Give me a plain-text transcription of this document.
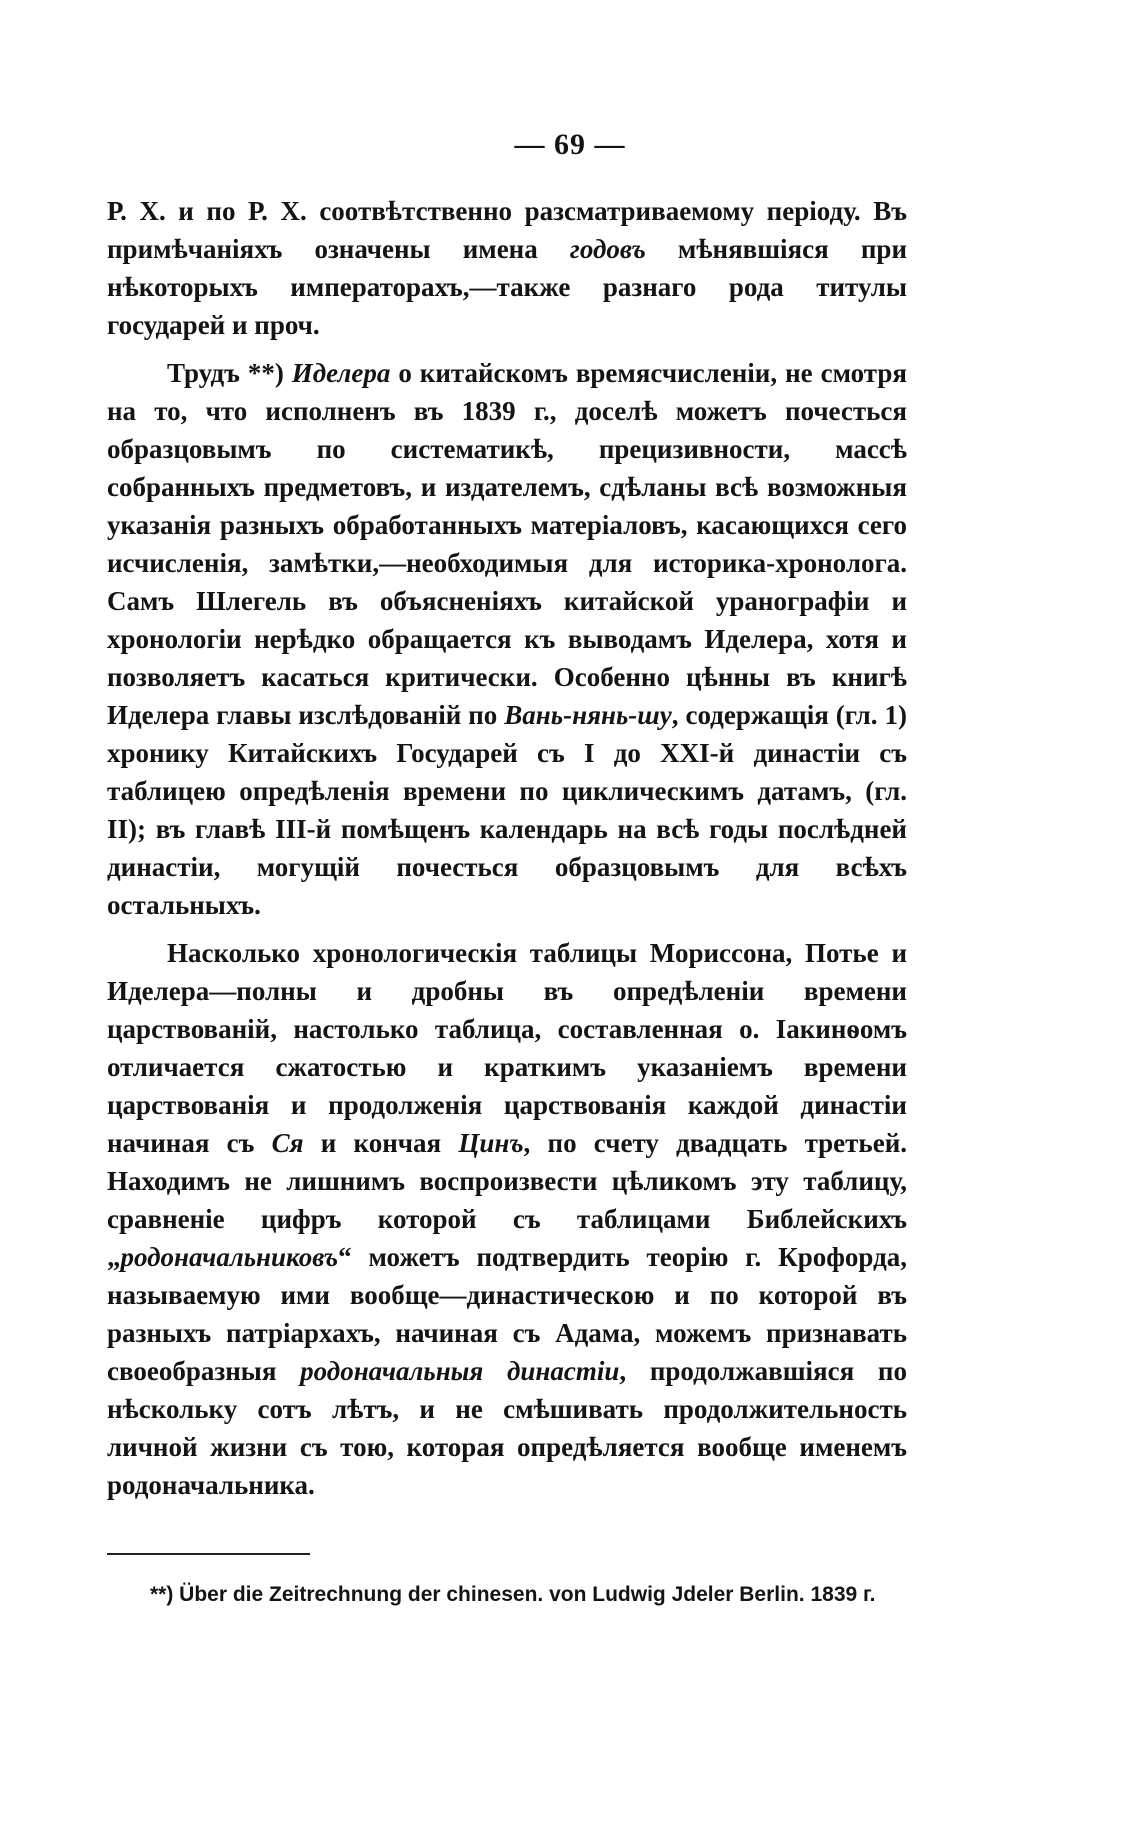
— 69 —

Р. Х. и по Р. Х. соотвѣтственно разсматриваемому періоду. Въ примѣчаніяхъ означены имена годовъ мѣнявшіяся при нѣкоторыхъ императорахъ,—также разнаго рода титулы государей и проч.

Трудъ **) Иделера о китайскомъ времясчисленіи, не смотря на то, что исполненъ въ 1839 г., доселѣ можетъ почесться образцовымъ по систематикѣ, прецизивности, массѣ собранныхъ предметовъ, и издателемъ, сдѣланы всѣ возможныя указанія разныхъ обработанныхъ матеріаловъ, касающихся сего исчисленія, замѣтки,—необходимыя для историка-хронолога. Самъ Шлегель въ объясненіяхъ китайской уранографіи и хронологіи нерѣдко обращается къ выводамъ Иделера, хотя и позволяетъ касаться критически. Особенно цѣнны въ книгѣ Иделера главы изслѣдованій по Вань-нянь-шу, содержащія (гл. 1) хронику Китайскихъ Государей съ I до XXI-й династіи съ таблицею опредѣленія времени по циклическимъ датамъ, (гл. II); въ главѣ III-й помѣщенъ календарь на всѣ годы послѣдней династіи, могущій почесться образцовымъ для всѣхъ остальныхъ.

Насколько хронологическія таблицы Мориссона, Потье и Иделера—полны и дробны въ опредѣленіи времени царствованій, настолько таблица, составленная о. Іакинѳомъ отличается сжатостью и краткимъ указаніемъ времени царствованія и продолженія царствованія каждой династіи начиная съ Ся и кончая Цинъ, по счету двадцать третьей. Находимъ не лишнимъ воспроизвести цѣликомъ эту таблицу, сравненіе цифръ которой съ таблицами Библейскихъ „родоначальниковъ“ можетъ подтвердить теорію г. Крофорда, называемую ими вообще—династическою и по которой въ разныхъ патріархахъ, начиная съ Адама, можемъ признавать своеобразныя родоначальныя династіи, продолжавшіяся по нѣскольку сотъ лѣтъ, и не смѣшивать продолжительность личной жизни съ тою, которая опредѣляется вообще именемъ родоначальника.

**) Über die Zeitrechnung der chinesen. von Ludwig Jdeler Berlin. 1839 г.
